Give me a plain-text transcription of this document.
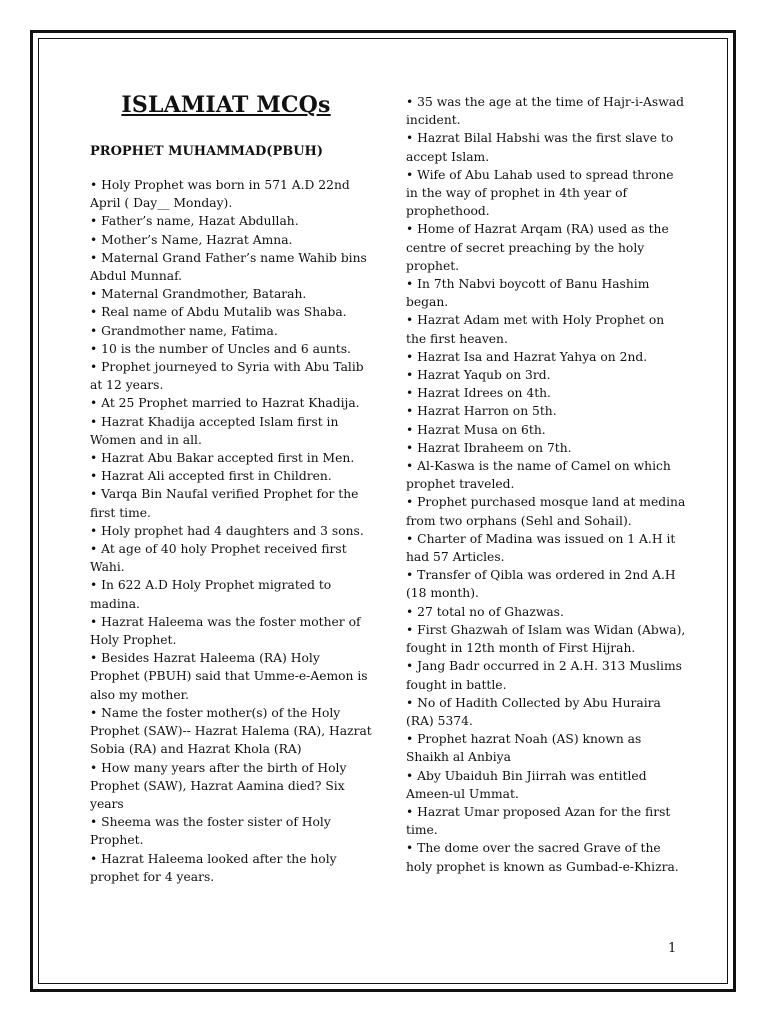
ISLAMIAT MCQs
PROPHET MUHAMMAD(PBUH)
• Holy Prophet was born in 571 A.D 22nd April ( Day__ Monday).
• Father’s name, Hazat Abdullah.
• Mother’s Name, Hazrat Amna.
• Maternal Grand Father’s name Wahib bins Abdul Munnaf.
• Maternal Grandmother, Batarah.
• Real name of Abdu Mutalib was Shaba.
• Grandmother name, Fatima.
• 10 is the number of Uncles and 6 aunts.
• Prophet journeyed to Syria with Abu Talib at 12 years.
• At 25 Prophet married to Hazrat Khadija.
• Hazrat Khadija accepted Islam first in Women and in all.
• Hazrat Abu Bakar accepted first in Men.
• Hazrat Ali accepted first in Children.
• Varqa Bin Naufal verified Prophet for the first time.
• Holy prophet had 4 daughters and 3 sons.
• At age of 40 holy Prophet received first Wahi.
• In 622 A.D Holy Prophet migrated to madina.
• Hazrat Haleema was the foster mother of Holy Prophet.
• Besides Hazrat Haleema (RA) Holy Prophet (PBUH) said that Umme-e-Aemon is also my mother.
• Name the foster mother(s) of the Holy Prophet (SAW)-- Hazrat Halema (RA), Hazrat Sobia (RA) and Hazrat Khola (RA)
• How many years after the birth of Holy Prophet (SAW), Hazrat Aamina died? Six years
• Sheema was the foster sister of Holy Prophet.
• Hazrat Haleema looked after the holy prophet for 4 years.
• 35 was the age at the time of Hajr-i-Aswad incident.
• Hazrat Bilal Habshi was the first slave to accept Islam.
• Wife of Abu Lahab used to spread throne in the way of prophet in 4th year of prophethood.
• Home of Hazrat Arqam (RA) used as the centre of secret preaching by the holy prophet.
• In 7th Nabvi boycott of Banu Hashim began.
• Hazrat Adam met with Holy Prophet on the first heaven.
• Hazrat Isa and Hazrat Yahya on 2nd.
• Hazrat Yaqub on 3rd.
• Hazrat Idrees on 4th.
• Hazrat Harron on 5th.
• Hazrat Musa on 6th.
• Hazrat Ibraheem on 7th.
• Al-Kaswa is the name of Camel on which prophet traveled.
• Prophet purchased mosque land at medina from two orphans (Sehl and Sohail).
• Charter of Madina was issued on 1 A.H it had 57 Articles.
• Transfer of Qibla was ordered in 2nd A.H (18 month).
• 27 total no of Ghazwas.
• First Ghazwah of Islam was Widan (Abwa), fought in 12th month of First Hijrah.
• Jang Badr occurred in 2 A.H. 313 Muslims fought in battle.
• No of Hadith Collected by Abu Huraira (RA) 5374.
• Prophet hazrat Noah (AS) known as Shaikh al Anbiya
• Aby Ubaiduh Bin Jiirrah was entitled Ameen-ul Ummat.
• Hazrat Umar proposed Azan for the first time.
• The dome over the sacred Grave of the holy prophet is known as Gumbad-e-Khizra.
1
